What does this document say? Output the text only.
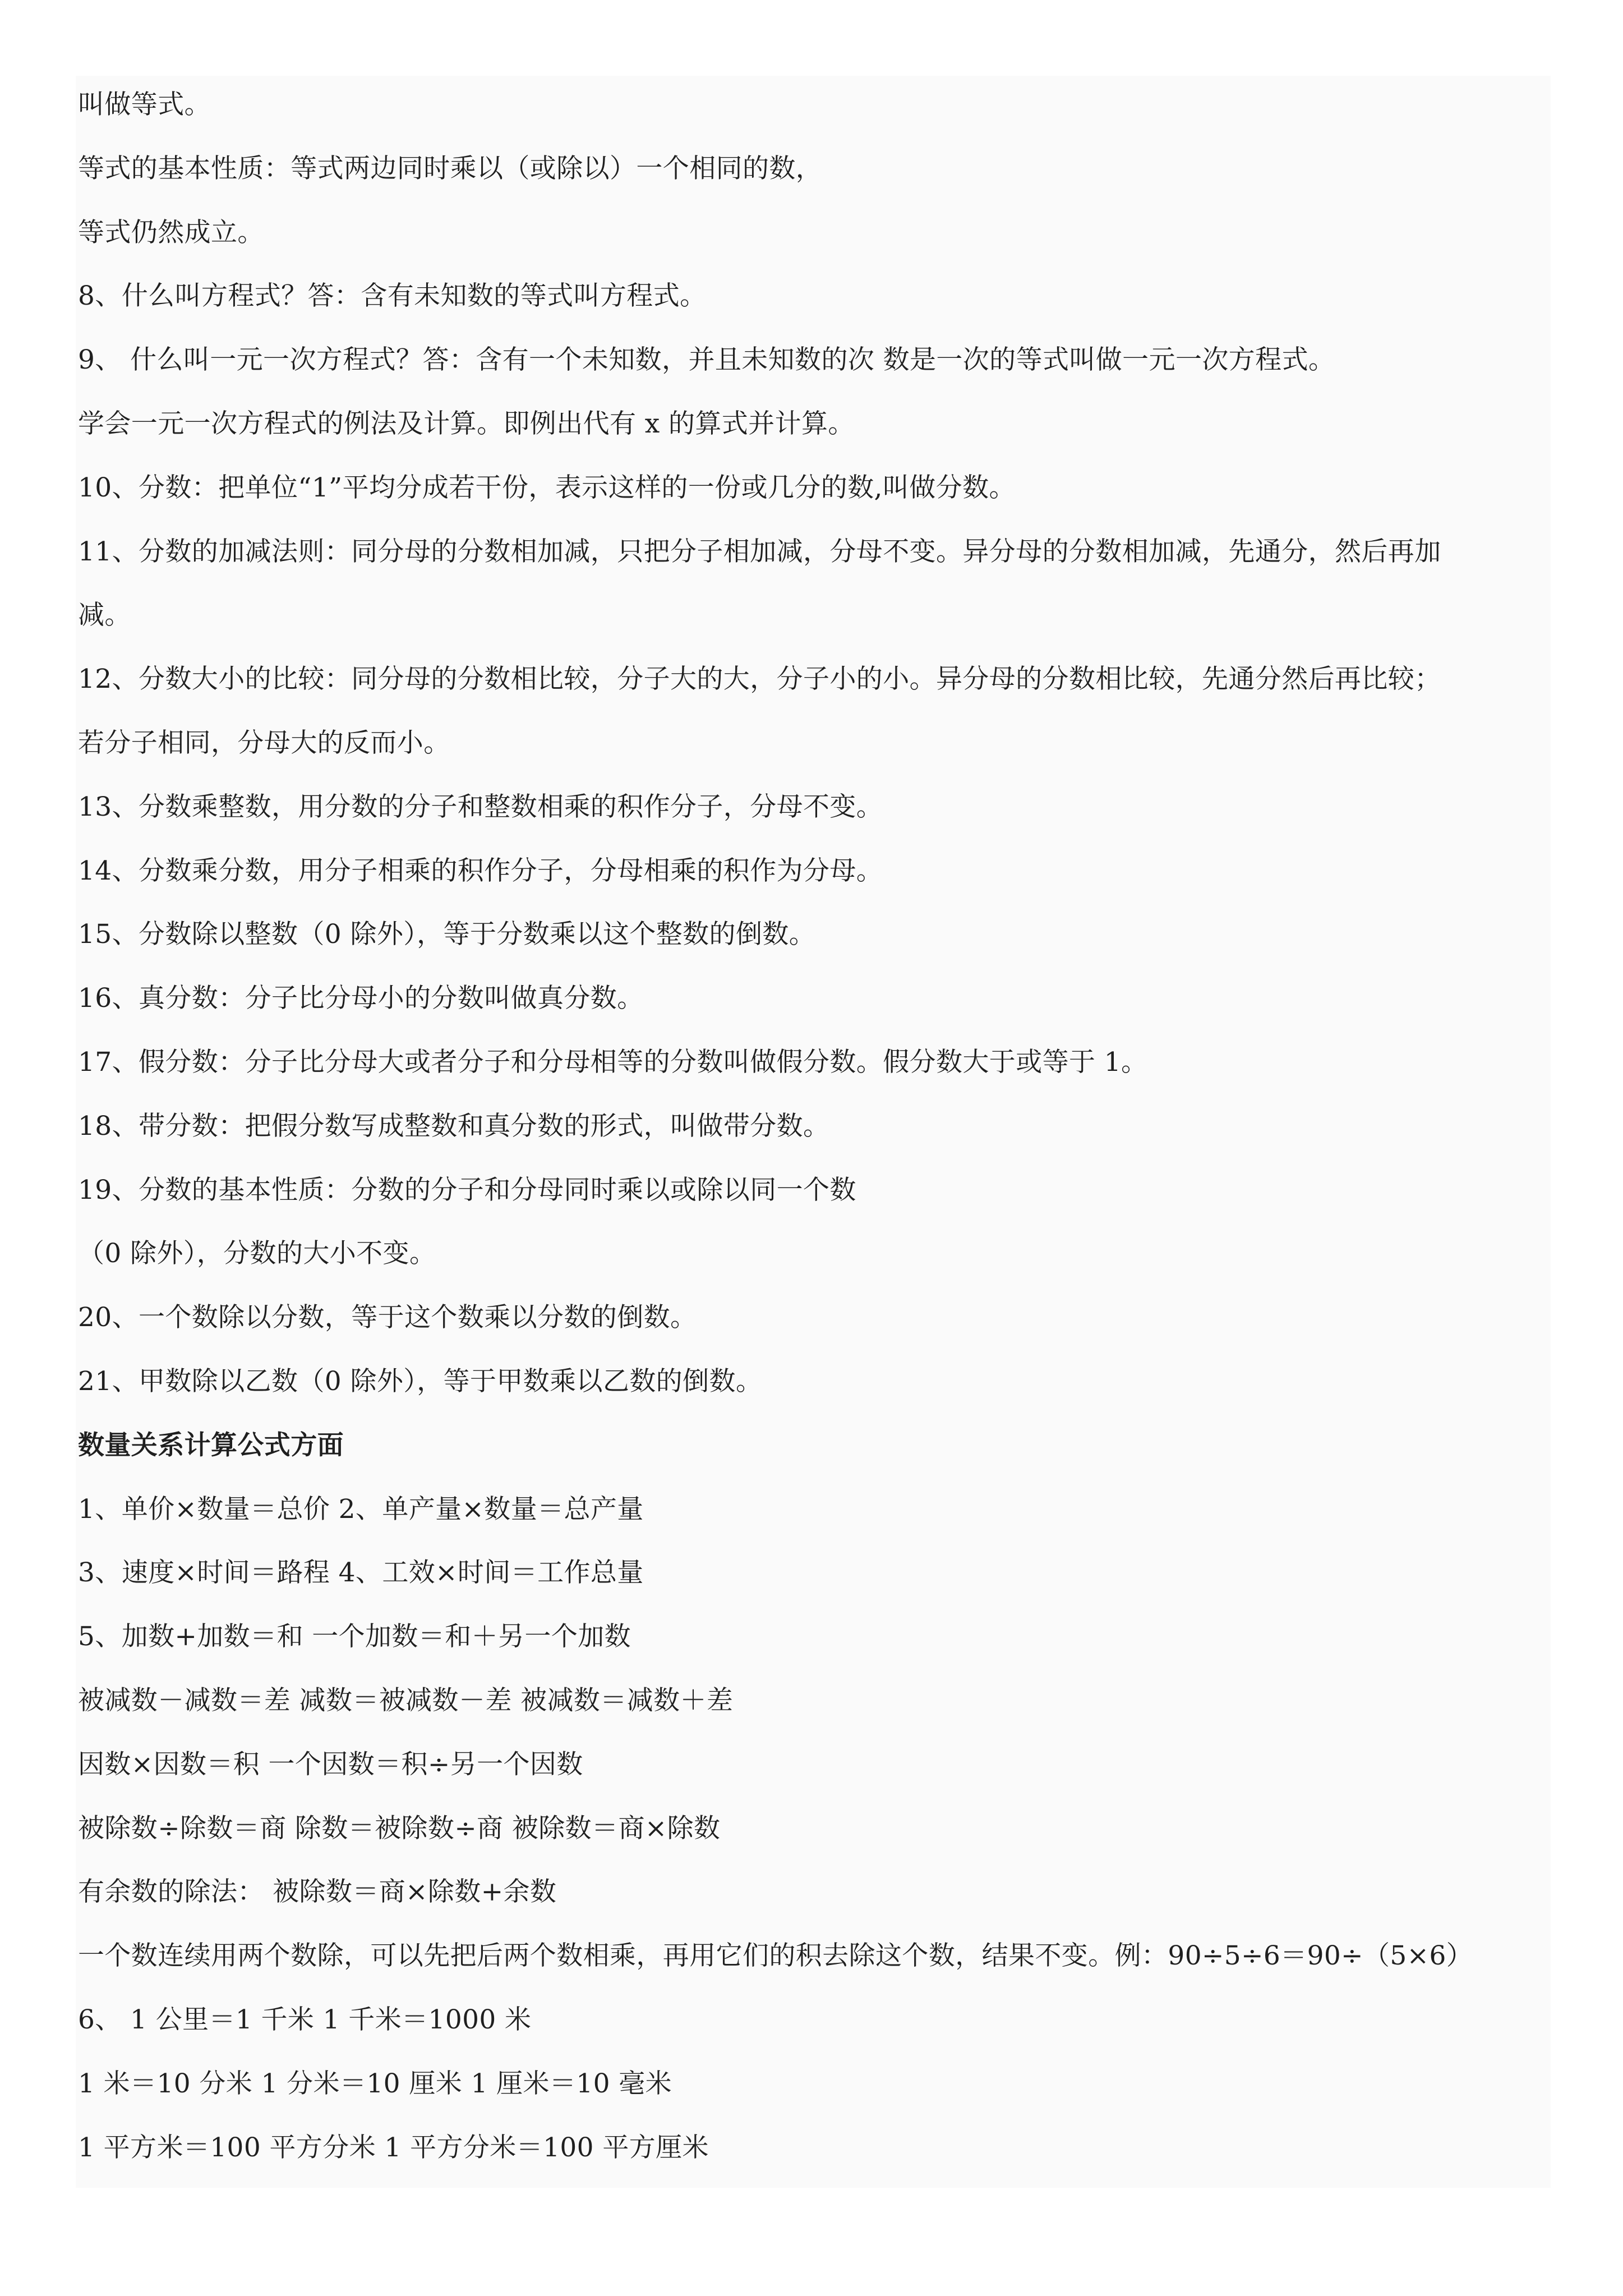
叫做等式。
等式的基本性质：等式两边同时乘以（或除以）一个相同的数，
等式仍然成立。
8、什么叫方程式？答：含有未知数的等式叫方程式。
9、 什么叫一元一次方程式？答：含有一个未知数，并且未知数的次 数是一次的等式叫做一元一次方程式。
学会一元一次方程式的例法及计算。即例出代有 x 的算式并计算。
10、分数：把单位“1”平均分成若干份，表示这样的一份或几分的数,叫做分数。
11、分数的加减法则：同分母的分数相加减，只把分子相加减，分母不变。异分母的分数相加减，先通分，然后再加
减。
12、分数大小的比较：同分母的分数相比较，分子大的大，分子小的小。异分母的分数相比较，先通分然后再比较；
若分子相同，分母大的反而小。
13、分数乘整数，用分数的分子和整数相乘的积作分子，分母不变。
14、分数乘分数，用分子相乘的积作分子，分母相乘的积作为分母。
15、分数除以整数（0 除外），等于分数乘以这个整数的倒数。
16、真分数：分子比分母小的分数叫做真分数。
17、假分数：分子比分母大或者分子和分母相等的分数叫做假分数。假分数大于或等于 1。
18、带分数：把假分数写成整数和真分数的形式，叫做带分数。
19、分数的基本性质：分数的分子和分母同时乘以或除以同一个数
（0 除外），分数的大小不变。
20、一个数除以分数，等于这个数乘以分数的倒数。
21、甲数除以乙数（0 除外），等于甲数乘以乙数的倒数。
数量关系计算公式方面
1、单价×数量＝总价 2、单产量×数量＝总产量
3、速度×时间＝路程 4、工效×时间＝工作总量
5、加数+加数＝和 一个加数＝和＋另一个加数
被减数－减数＝差 减数＝被减数－差 被减数＝减数＋差
因数×因数＝积 一个因数＝积÷另一个因数
被除数÷除数＝商 除数＝被除数÷商 被除数＝商×除数
有余数的除法： 被除数＝商×除数+余数
一个数连续用两个数除，可以先把后两个数相乘，再用它们的积去除这个数，结果不变。例：90÷5÷6＝90÷（5×6）
6、 1 公里＝1 千米 1 千米＝1000 米
1 米＝10 分米 1 分米＝10 厘米 1 厘米＝10 毫米
1 平方米＝100 平方分米 1 平方分米＝100 平方厘米
